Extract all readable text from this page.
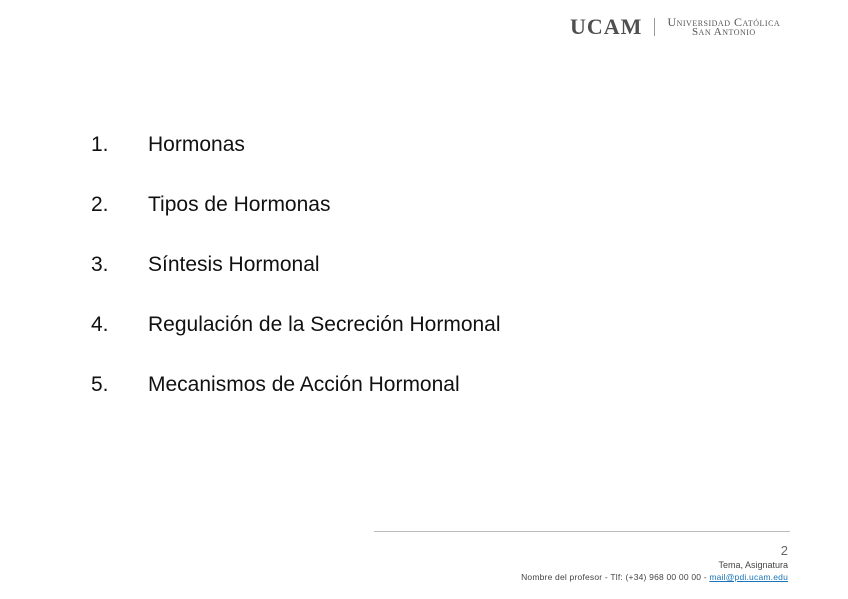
UCAM Universidad Católica
San Antonio
1.	Hormonas
2.	Tipos de Hormonas
3.	Síntesis Hormonal
4.	Regulación de la Secreción Hormonal
5.	Mecanismos de Acción Hormonal
2
Tema, Asignatura
Nombre del profesor - Tlf: (+34) 968 00 00 00 - mail@pdi.ucam.edu
